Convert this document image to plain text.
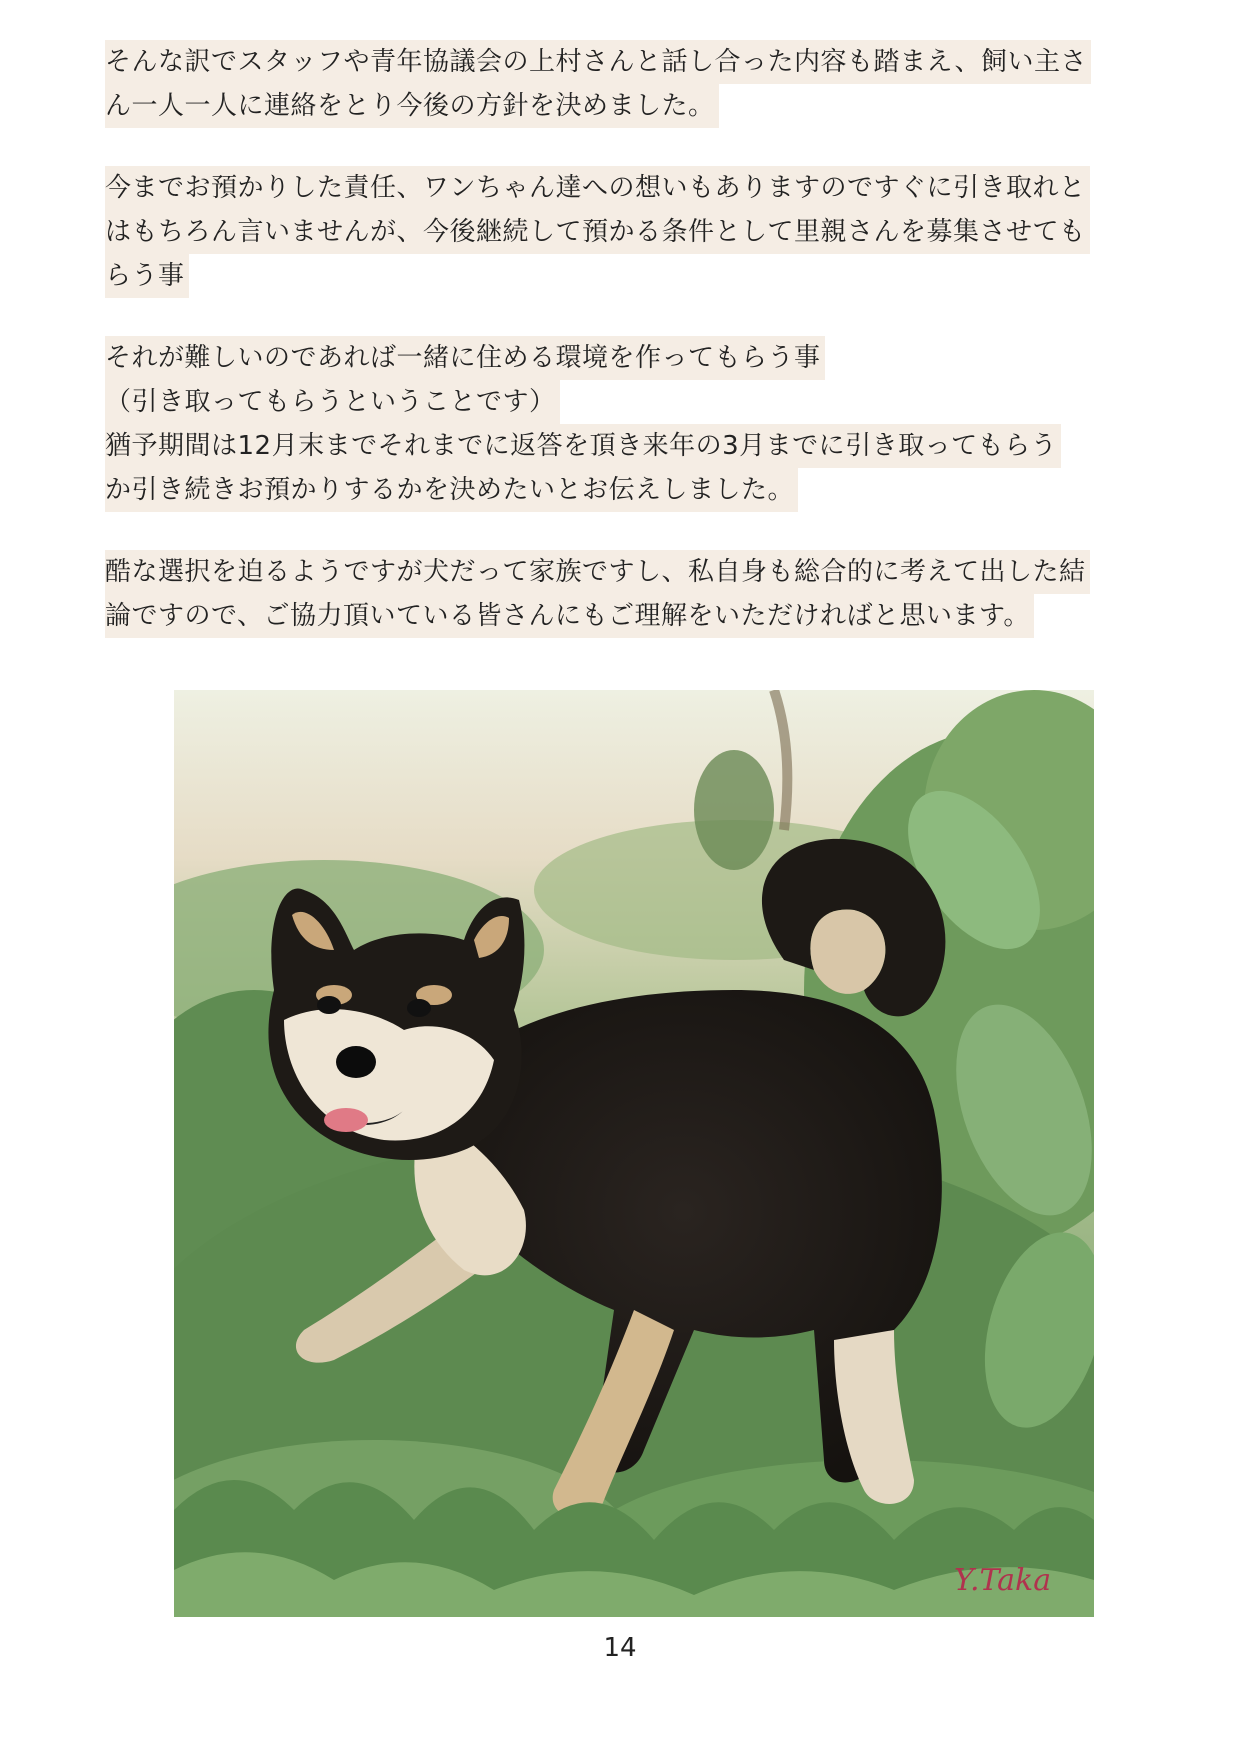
そんな訳でスタッフや青年協議会の上村さんと話し合った内容も踏まえ、飼い主さ
ん一人一人に連絡をとり今後の方針を決めました。
今までお預かりした責任、ワンちゃん達への想いもありますのですぐに引き取れと
はもちろん言いませんが、今後継続して預かる条件として里親さんを募集させても
らう事
それが難しいのであれば一緒に住める環境を作ってもらう事
（引き取ってもらうということです）
猶予期間は12月末までそれまでに返答を頂き来年の3月までに引き取ってもらう
か引き続きお預かりするかを決めたいとお伝えしました。
酷な選択を迫るようですが犬だって家族ですし、私自身も総合的に考えて出した結
論ですので、ご協力頂いている皆さんにもご理解をいただければと思います。
Y.Taka
14
